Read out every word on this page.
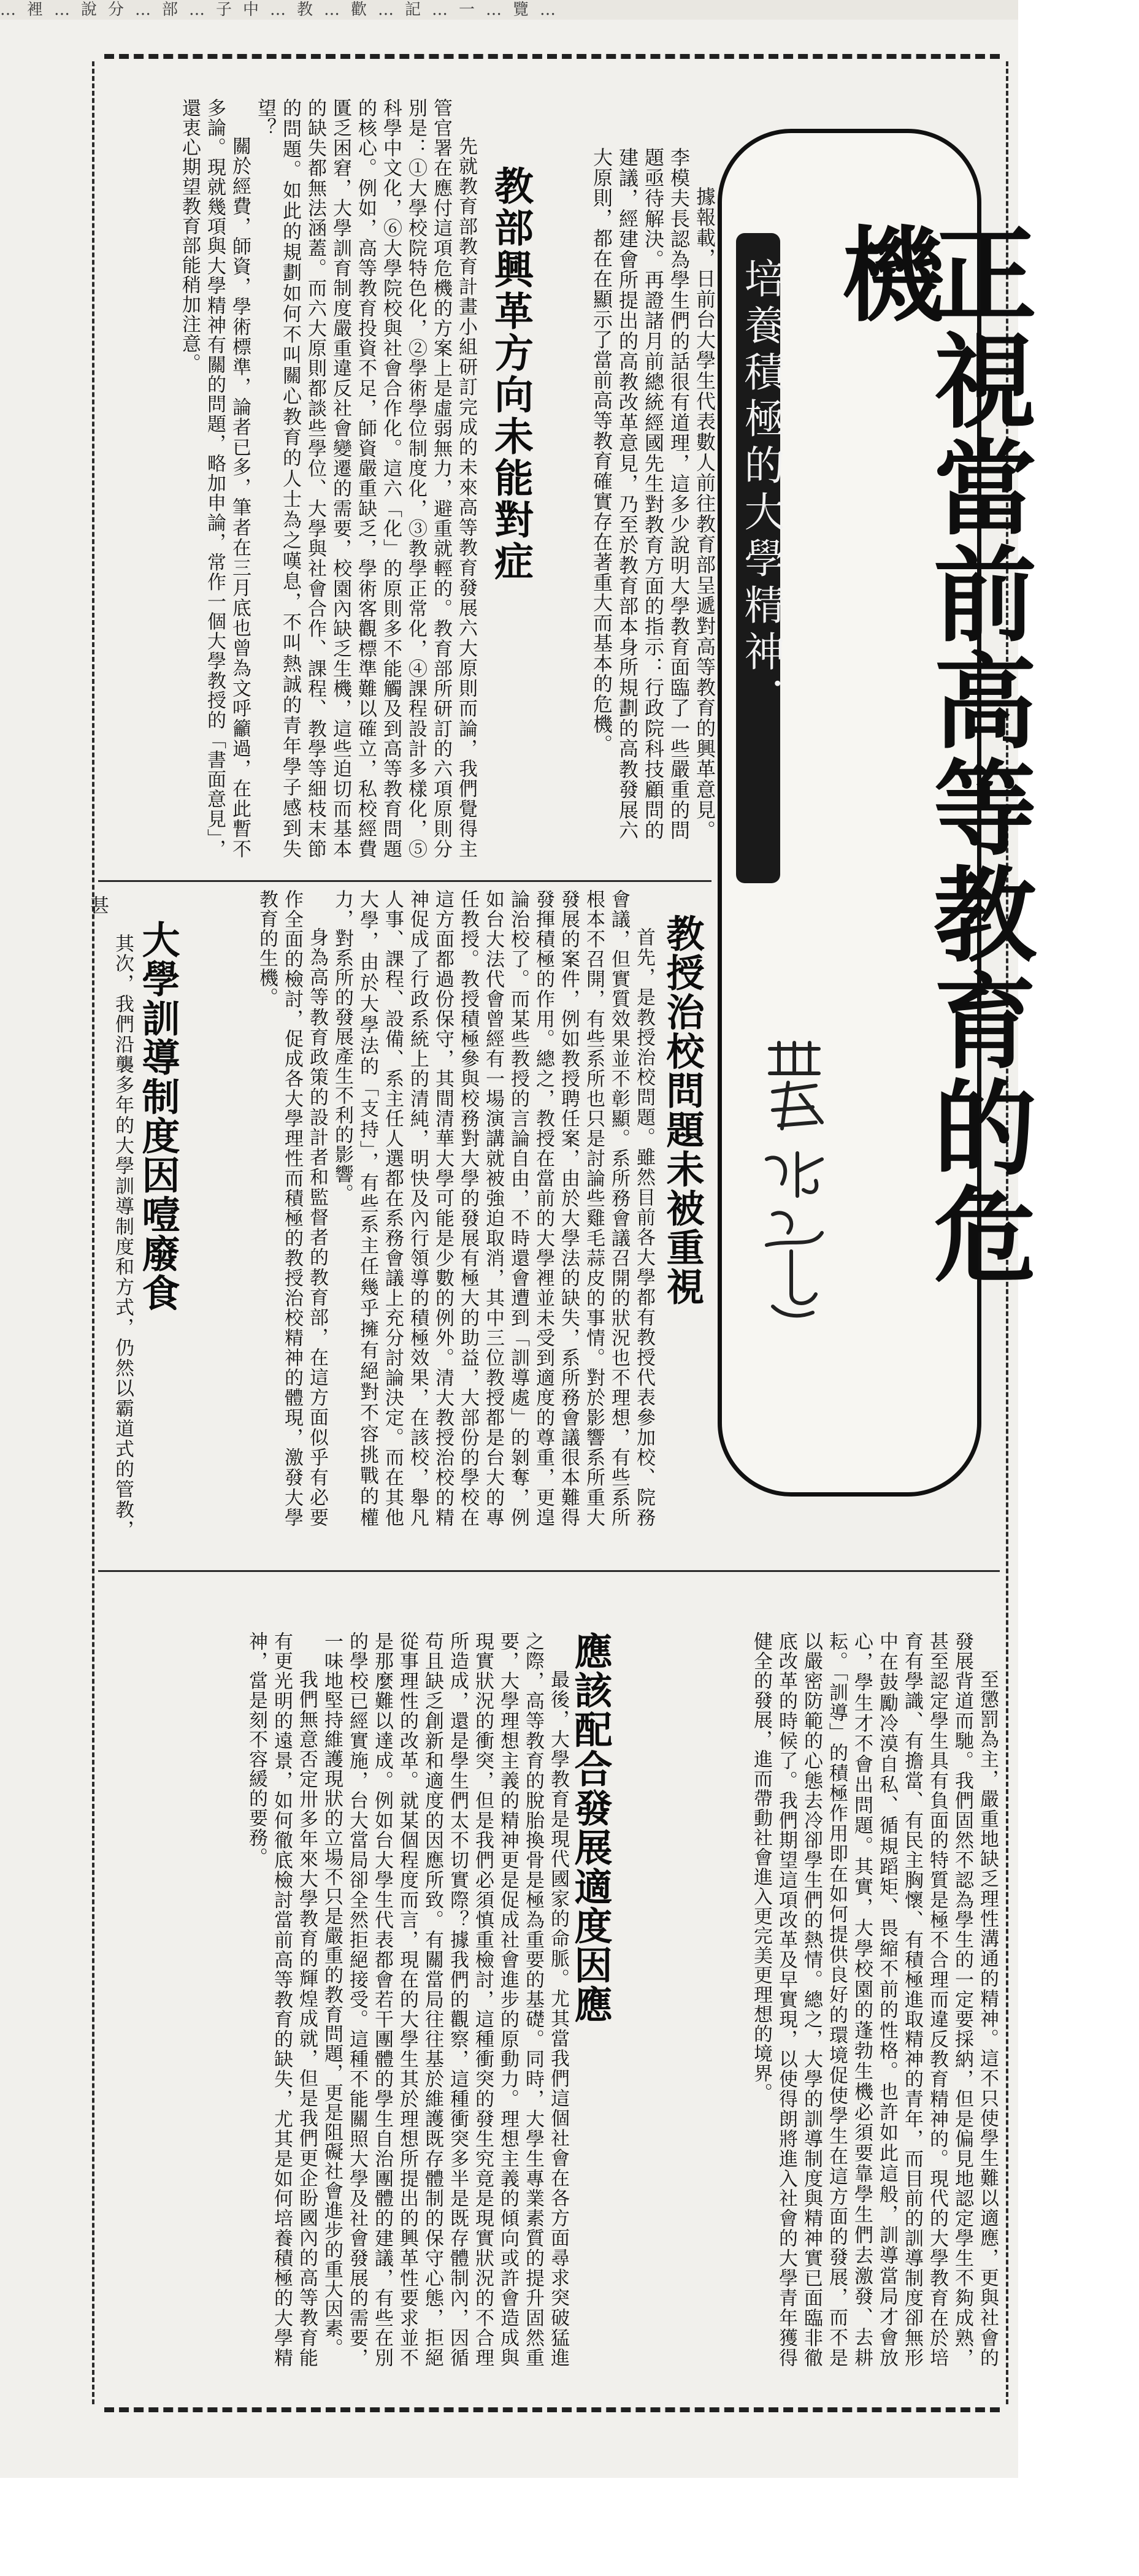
…裡…說分…部…子中…教…歡…記…一…覽…
正視當前高等教育的危機
培養積極的大學精神．

據報載，日前台大學生代表數人前往教育部呈遞對高等教育的興革意見。李模夫長認為學生們的話很有道理，這多少說明大學教育面臨了一些嚴重的問題亟待解決。再證諸月前總統經國先生對教育方面的指示：行政院科技顧問的建議，經建會所提出的高教改革意見，乃至於教育部本身所規劃的高教發展六大原則，都在在顯示了當前高等教育確實存在著重大而基本的危機。

教部興革方向未能對症

先就教育部教育計畫小組研訂完成的未來高等教育發展六大原則而論，我們覺得主管官署在應付這項危機的方案上是虛弱無力，避重就輕的。教育部所研訂的六項原則分別是：①大學校院特色化，②學術學位制度化，③教學正常化，④課程設計多樣化，⑤科學中文化，⑥大學院校與社會合作化。這六「化」的原則多不能觸及到高等教育問題的核心。例如，高等教育投資不足，師資嚴重缺乏，學術客觀標準難以確立，私校經費匱乏困窘，大學訓育制度嚴重違反社會變遷的需要，校園內缺乏生機，這些迫切而基本的缺失都無法涵蓋。而六大原則都談些學位、大學與社會合作、課程、教學等細枝末節的問題。如此的規劃如何不叫關心教育的人士為之嘆息，不叫熱誠的青年學子感到失望？

關於經費，師資，學術標準，論者已多，筆者在三月底也曾為文呼籲過，在此暫不多論。現就幾項與大學精神有關的問題，略加申論，常作一個大學教授的「書面意見」，還衷心期望教育部能稍加注意。

教授治校問題未被重視

首先，是教授治校問題。雖然目前各大學都有教授代表參加校、院務會議，但實質效果並不彰顯。系所務會議召開的狀況也不理想，有些系所根本不召開，有些系所也只是討論些雞毛蒜皮的事情。對於影響系所重大發展的案件，例如教授聘任案，由於大學法的缺失，系所務會議很本難得發揮積極的作用。總之，教授在當前的大學裡並未受到適度的尊重，更遑論治校了。而某些教授的言論自由，不時還會遭到「訓導處」的剝奪，例如台大法代會曾經有一場演講就被強迫取消，其中三位教授都是台大的專任教授。教授積極參與校務對大學的發展有極大的助益，大部份的學校在這方面都過份保守，其間清華大學可能是少數的例外。清大教授治校的精神促成了行政系統上的清純，明快及內行領導的積極效果，在該校，舉凡人事、課程、設備、系主任人選都在系務會議上充分討論決定。而在其他大學，由於大學法的「支持」，有些系主任幾乎擁有絕對不容挑戰的權力，對系所的發展產生不利的影響。

身為高等教育政策的設計者和監督者的教育部，在這方面似乎有必要作全面的檢討，促成各大學理性而積極的教授治校精神的體現，激發大學教育的生機。

大學訓導制度因噎廢食

其次，我們沿襲多年的大學訓導制度和方式，仍然以霸道式的管教，甚

至懲罰為主，嚴重地缺乏理性溝通的精神。這不只使學生難以適應，更與社會的發展背道而馳。我們固然不認為學生的一定要採納，但是偏見地認定學生不夠成熟，甚至認定學生具有負面的特質是極不合理而違反教育精神的。現代的大學教育在於培育有學識、有擔當、有民主胸懷、有積極進取精神的青年，而目前的訓導制度卻無形中在鼓勵冷漠自私、循規蹈矩、畏縮不前的性格。也許如此這般，訓導當局才會放心，學生才不會出問題。其實，大學校園的蓬勃生機必須要靠學生們去激發、去耕耘。「訓導」的積極作用即在如何提供良好的環境促使學生在這方面的發展，而不是以嚴密防範的心態去冷卻學生們的熱情。總之，大學的訓導制度與精神實已面臨非徹底改革的時候了。我們期望這項改革及早實現，以使得朗將進入社會的大學青年獲得健全的發展，進而帶動社會進入更完美更理想的境界。

應該配合發展適度因應

最後，大學教育是現代國家的命脈。尤其當我們這個社會在各方面尋求突破猛進之際，高等教育的脫胎換骨是極為重要的基礎。同時，大學生專業素質的提升固然重要，大學理想主義的精神更是促成社會進步的原動力。理想主義的傾向或許會造成與現實狀況的衝突，但是我們必須慎重檢討，這種衝突的發生究竟是現實狀況的不合理所造成，還是學生們太不切實際？據我們的觀察，這種衝突多半是既存體制內，因循苟且缺乏創新和適度的因應所致。有關當局往往基於維護既存體制的保守心態，拒絕從事理性的改革。就某個程度而言，現在的大學生其於理想所提出的興革性要求並不是那麼難以達成。例如台大學生代表都會若干團體的學生自治團體的建議，有些在別的學校已經實施，台大當局卻全然拒絕接受。這種不能關照大學及社會發展的需要，一味地堅持維護現狀的立場不只是嚴重的教育問題，更是阻礙社會進步的重大因素。

我們無意否定卅多年來大學教育的輝煌成就，但是我們更企盼國內的高等教育能有更光明的遠景，如何徹底檢討當前高等教育的缺失，尤其是如何培養積極的大學精神，當是刻不容緩的要務。
